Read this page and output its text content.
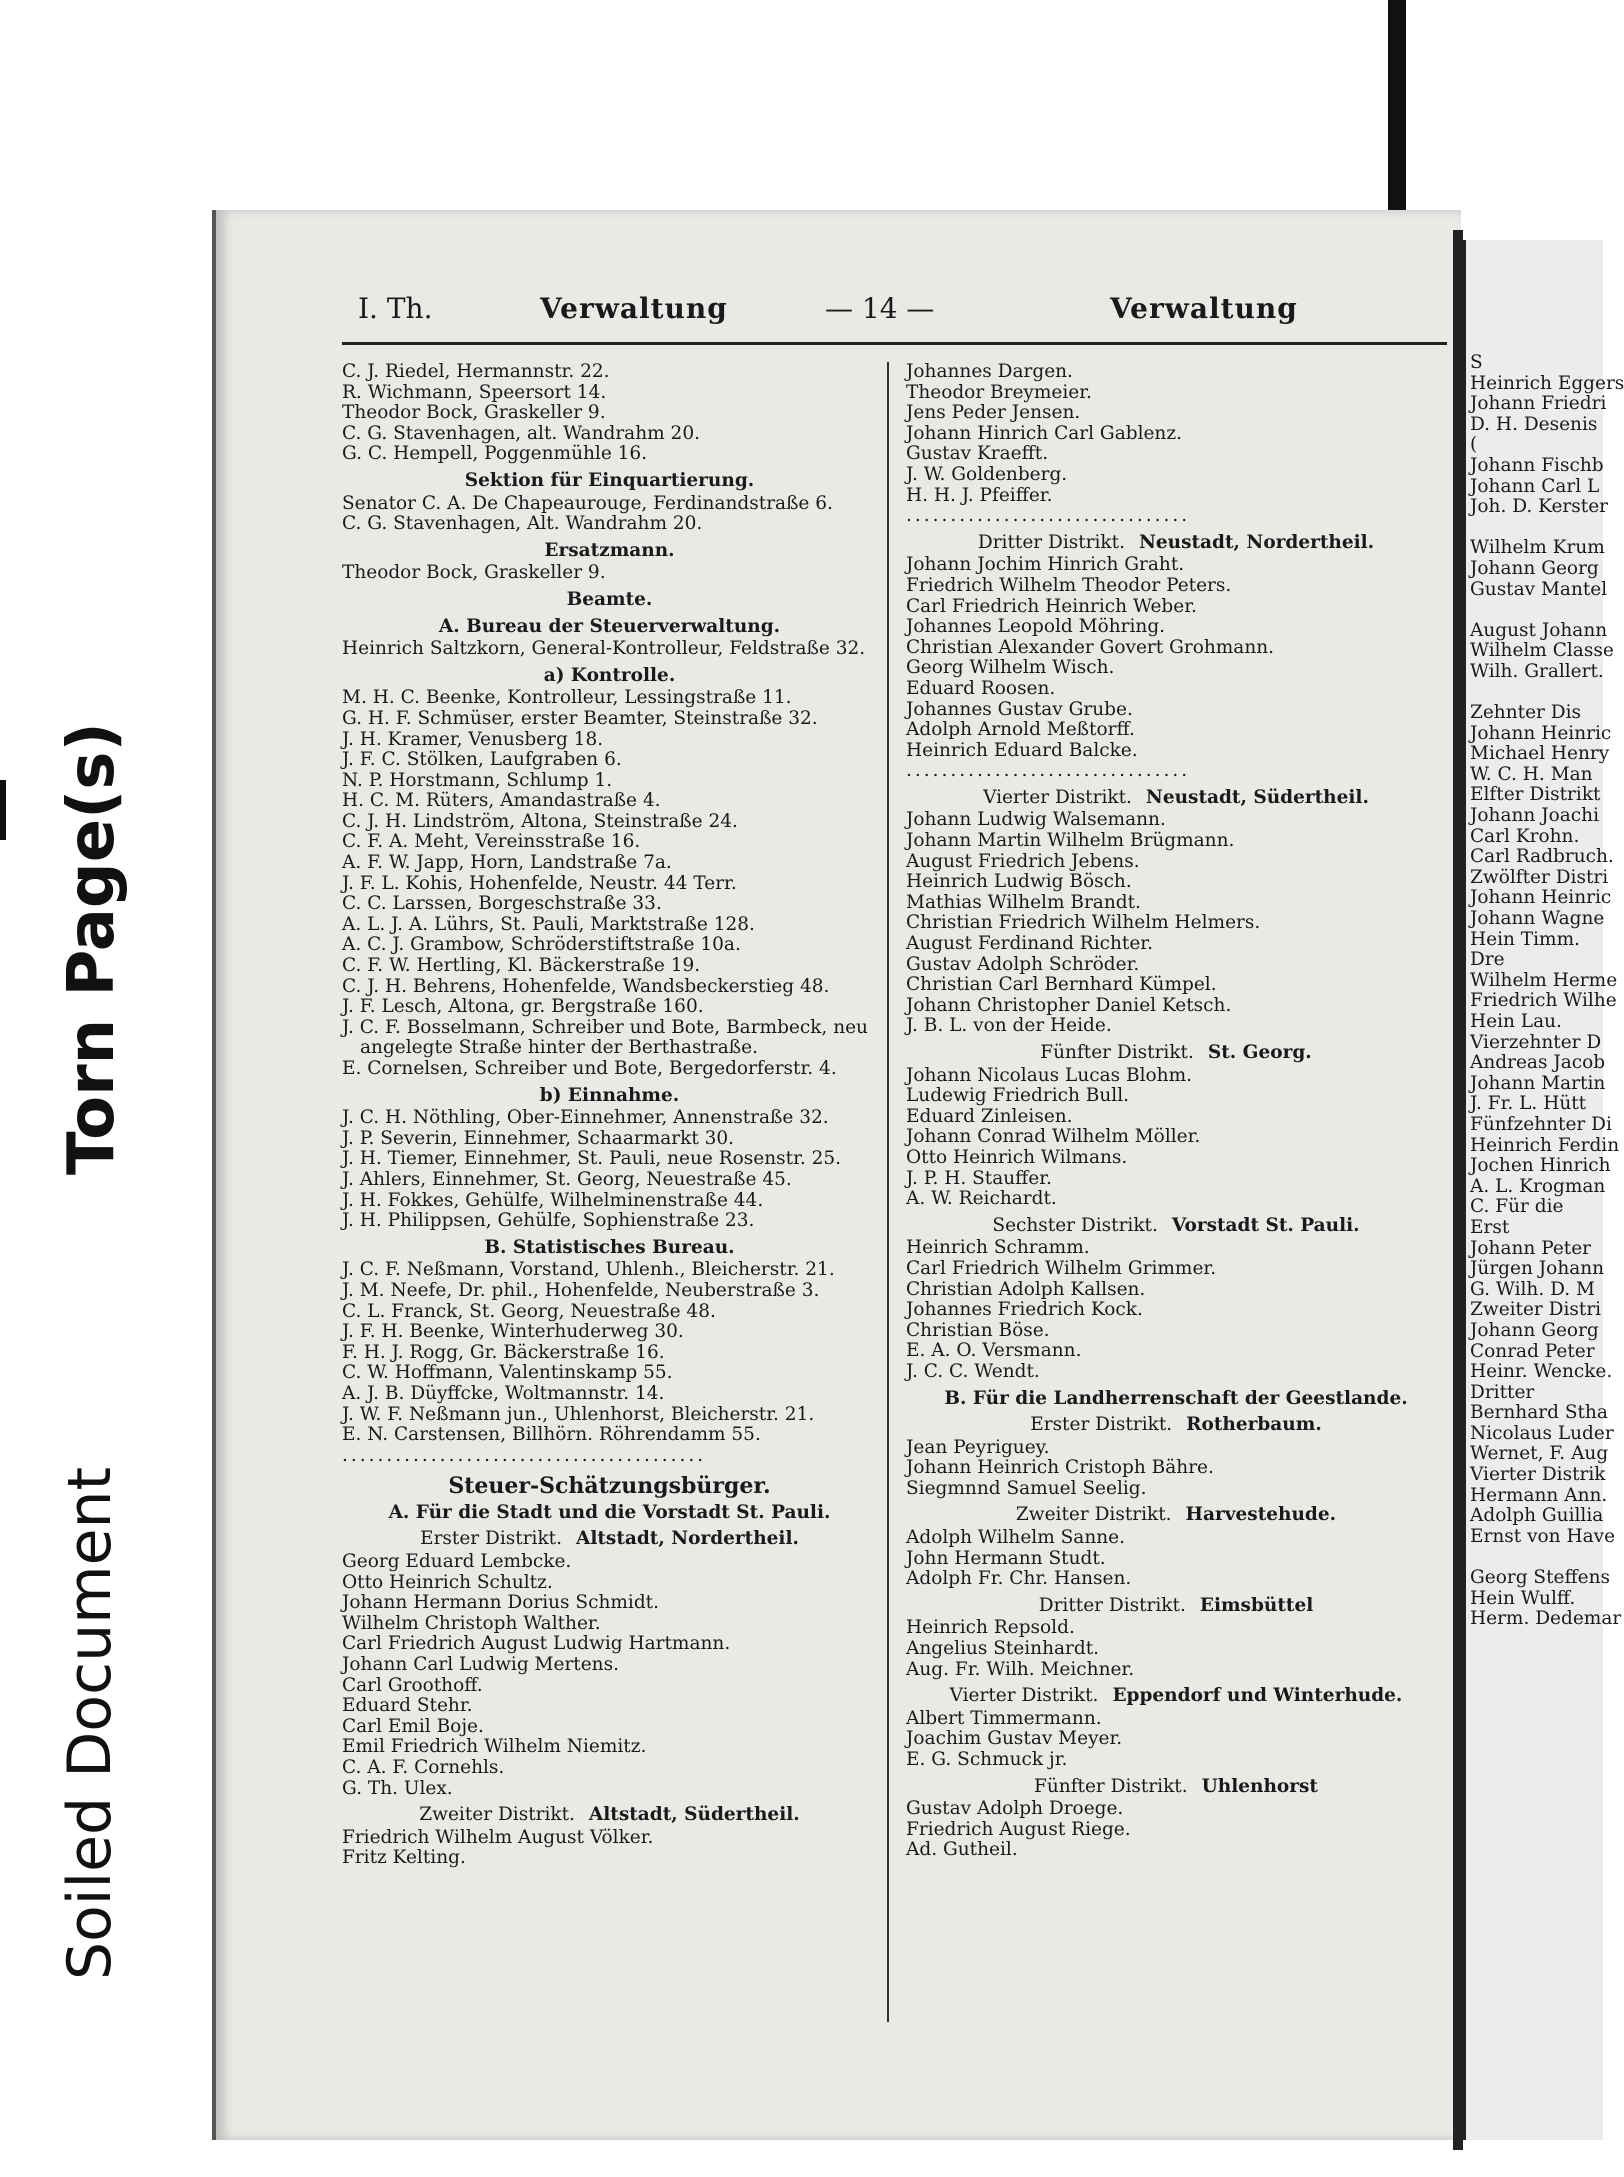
Soiled Document
Torn Page(s)

S

Heinrich Eggers

Johann Friedri

D. H. Desenis

(

Johann Fischb

Johann Carl L

Joh. D. Kerster

Wilhelm Krum

Johann Georg

Gustav Mantel

August Johann

Wilhelm Classe

Wilh. Grallert.

Zehnter Dis

Johann Heinric

Michael Henry

W. C. H. Man

Elfter Distrikt

Johann Joachi

Carl Krohn.

Carl Radbruch.

Zwölfter Distri

Johann Heinric

Johann Wagne

Hein Timm.

Dre

Wilhelm Herme

Friedrich Wilhe

Hein Lau.

Vierzehnter D

Andreas Jacob

Johann Martin

J. Fr. L. Hütt

Fünfzehnter Di

Heinrich Ferdin

Jochen Hinrich

A. L. Krogman

C. Für die

Erst

Johann Peter

Jürgen Johann

G. Wilh. D. M

Zweiter Distri

Johann Georg

Conrad Peter

Heinr. Wencke.

Dritter

Bernhard Stha

Nicolaus Luder

Wernet, F. Aug

Vierter Distrik

Hermann Ann.

Adolph Guillia

Ernst von Have

Georg Steffens

Hein Wulff.

Herm. Dedemar

I. Th.	Verwaltung	— 14 —	Verwaltung

C. J. Riedel, Hermannstr. 22.

R. Wichmann, Speersort 14.

Theodor Bock, Graskeller 9.

C. G. Stavenhagen, alt. Wandrahm 20.

G. C. Hempell, Poggenmühle 16.

Sektion für Einquartierung.

Senator C. A. De Chapeaurouge, Ferdinandstraße 6.

C. G. Stavenhagen, Alt. Wandrahm 20.

Ersatzmann.

Theodor Bock, Graskeller 9.

Beamte.

A. Bureau der Steuerverwaltung.

Heinrich Saltzkorn, General-Kontrolleur, Feldstraße 32.

a) Kontrolle.

M. H. C. Beenke, Kontrolleur, Lessingstraße 11.

G. H. F. Schmüser, erster Beamter, Steinstraße 32.

J. H. Kramer, Venusberg 18.

J. F. C. Stölken, Laufgraben 6.

N. P. Horstmann, Schlump 1.

H. C. M. Rüters, Amandastraße 4.

C. J. H. Lindström, Altona, Steinstraße 24.

C. F. A. Meht, Vereinsstraße 16.

A. F. W. Japp, Horn, Landstraße 7a.

J. F. L. Kohis, Hohenfelde, Neustr. 44 Terr.

C. C. Larssen, Borgeschstraße 33.

A. L. J. A. Lührs, St. Pauli, Marktstraße 128.

A. C. J. Grambow, Schröderstiftstraße 10a.

C. F. W. Hertling, Kl. Bäckerstraße 19.

C. J. H. Behrens, Hohenfelde, Wandsbeckerstieg 48.

J. F. Lesch, Altona, gr. Bergstraße 160.

J. C. F. Bosselmann, Schreiber und Bote, Barmbeck, neu

angelegte Straße hinter der Berthastraße.

E. Cornelsen, Schreiber und Bote, Bergedorferstr. 4.

b) Einnahme.

J. C. H. Nöthling, Ober-Einnehmer, Annenstraße 32.

J. P. Severin, Einnehmer, Schaarmarkt 30.

J. H. Tiemer, Einnehmer, St. Pauli, neue Rosenstr. 25.

J. Ahlers, Einnehmer, St. Georg, Neuestraße 45.

J. H. Fokkes, Gehülfe, Wilhelminenstraße 44.

J. H. Philippsen, Gehülfe, Sophienstraße 23.

B. Statistisches Bureau.

J. C. F. Neßmann, Vorstand, Uhlenh., Bleicherstr. 21.

J. M. Neefe, Dr. phil., Hohenfelde, Neuberstraße 3.

C. L. Franck, St. Georg, Neuestraße 48.

J. F. H. Beenke, Winterhuderweg 30.

F. H. J. Rogg, Gr. Bäckerstraße 16.

C. W. Hoffmann, Valentinskamp 55.

A. J. B. Düyffcke, Woltmannstr. 14.

J. W. F. Neßmann jun., Uhlenhorst, Bleicherstr. 21.

E. N. Carstensen, Billhörn. Röhrendamm 55.

.........................................

Steuer-Schätzungsbürger.

A. Für die Stadt und die Vorstadt St. Pauli.

Erster Distrikt. Altstadt, Nordertheil.

Georg Eduard Lembcke.

Otto Heinrich Schultz.

Johann Hermann Dorius Schmidt.

Wilhelm Christoph Walther.

Carl Friedrich August Ludwig Hartmann.

Johann Carl Ludwig Mertens.

Carl Groothoff.

Eduard Stehr.

Carl Emil Boje.

Emil Friedrich Wilhelm Niemitz.

C. A. F. Cornehls.

G. Th. Ulex.

Zweiter Distrikt. Altstadt, Südertheil.

Friedrich Wilhelm August Völker.

Fritz Kelting.

Johannes Dargen.

Theodor Breymeier.

Jens Peder Jensen.

Johann Hinrich Carl Gablenz.

Gustav Kraefft.

J. W. Goldenberg.

H. H. J. Pfeiffer.

................................

Dritter Distrikt. Neustadt, Nordertheil.

Johann Jochim Hinrich Graht.

Friedrich Wilhelm Theodor Peters.

Carl Friedrich Heinrich Weber.

Johannes Leopold Möhring.

Christian Alexander Govert Grohmann.

Georg Wilhelm Wisch.

Eduard Roosen.

Johannes Gustav Grube.

Adolph Arnold Meßtorff.

Heinrich Eduard Balcke.

................................

Vierter Distrikt. Neustadt, Südertheil.

Johann Ludwig Walsemann.

Johann Martin Wilhelm Brügmann.

August Friedrich Jebens.

Heinrich Ludwig Bösch.

Mathias Wilhelm Brandt.

Christian Friedrich Wilhelm Helmers.

August Ferdinand Richter.

Gustav Adolph Schröder.

Christian Carl Bernhard Kümpel.

Johann Christopher Daniel Ketsch.

J. B. L. von der Heide.

Fünfter Distrikt. St. Georg.

Johann Nicolaus Lucas Blohm.

Ludewig Friedrich Bull.

Eduard Zinleisen.

Johann Conrad Wilhelm Möller.

Otto Heinrich Wilmans.

J. P. H. Stauffer.

A. W. Reichardt.

Sechster Distrikt. Vorstadt St. Pauli.

Heinrich Schramm.

Carl Friedrich Wilhelm Grimmer.

Christian Adolph Kallsen.

Johannes Friedrich Kock.

Christian Böse.

E. A. O. Versmann.

J. C. C. Wendt.

B. Für die Landherrenschaft der Geestlande.

Erster Distrikt. Rotherbaum.

Jean Peyriguey.

Johann Heinrich Cristoph Bähre.

Siegmnnd Samuel Seelig.

Zweiter Distrikt. Harvestehude.

Adolph Wilhelm Sanne.

John Hermann Studt.

Adolph Fr. Chr. Hansen.

Dritter Distrikt. Eimsbüttel

Heinrich Repsold.

Angelius Steinhardt.

Aug. Fr. Wilh. Meichner.

Vierter Distrikt. Eppendorf und Winterhude.

Albert Timmermann.

Joachim Gustav Meyer.

E. G. Schmuck jr.

Fünfter Distrikt. Uhlenhorst

Gustav Adolph Droege.

Friedrich August Riege.

Ad. Gutheil.
